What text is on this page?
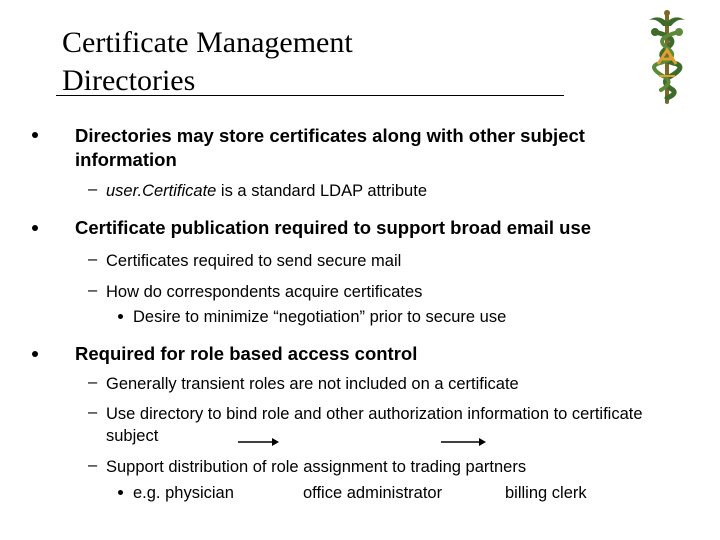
Certificate Management
Directories
Directories may store certificates along with other subject
information
– user.Certificate is a standard LDAP attribute
Certificate publication required to support broad email use
– Certificates required to send secure mail
– How do correspondents acquire certificates
Desire to minimize “negotiation” prior to secure use
Required for role based access control
– Generally transient roles are not included on a certificate
– Use directory to bind role and other authorization information to certificate
subject
– Support distribution of role assignment to trading partners
e.g. physician	office administrator	billing clerk
